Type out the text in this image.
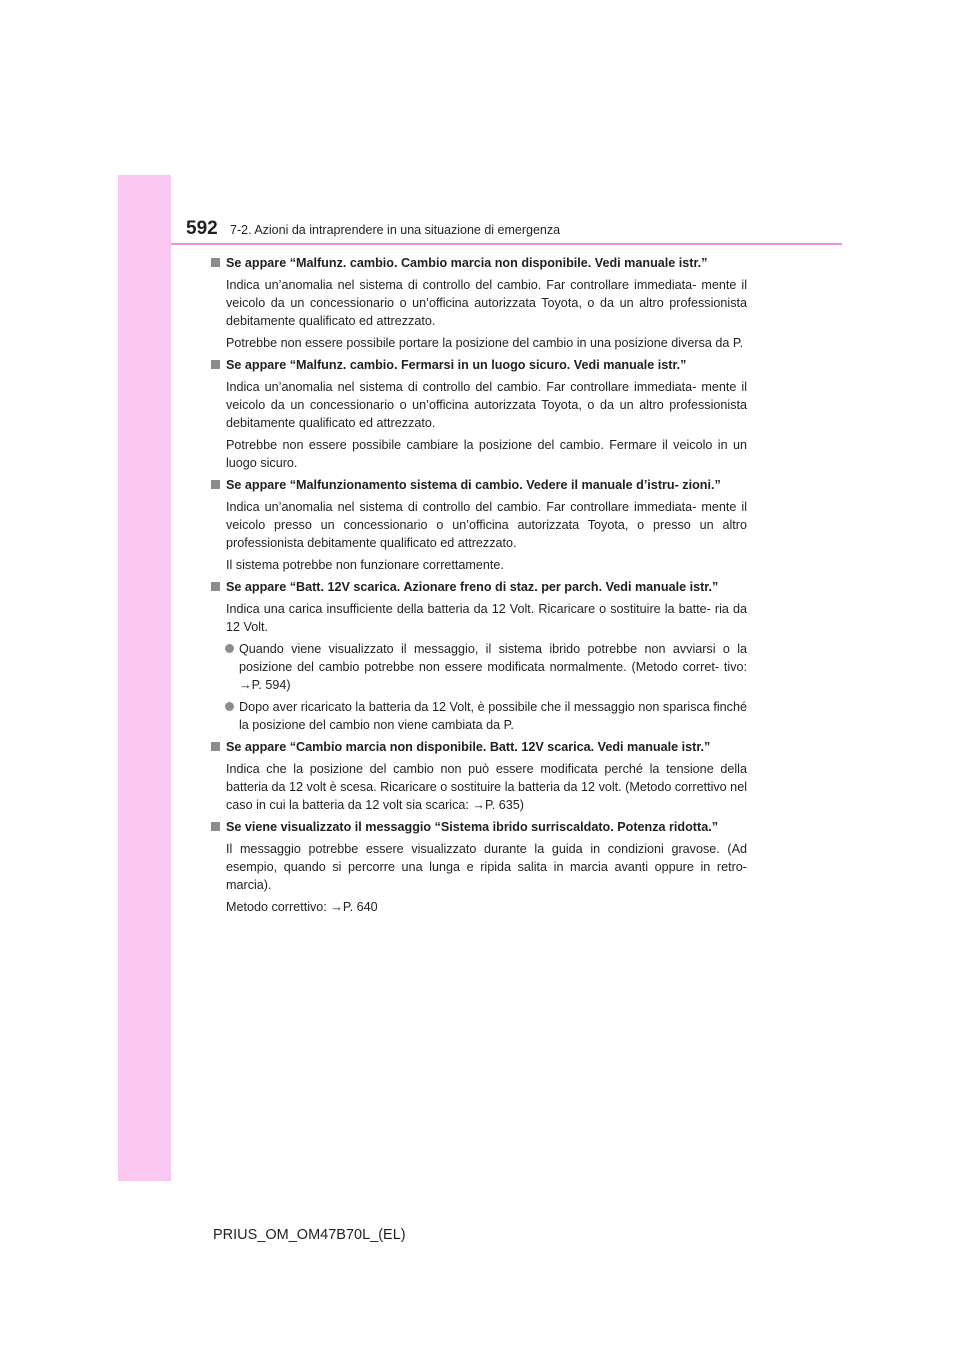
592 7-2. Azioni da intraprendere in una situazione di emergenza
Se appare “Malfunz. cambio. Cambio marcia non disponibile. Vedi manuale istr.”
Indica un’anomalia nel sistema di controllo del cambio. Far controllare immediata- mente il veicolo da un concessionario o un’officina autorizzata Toyota, o da un altro professionista debitamente qualificato ed attrezzato.
Potrebbe non essere possibile portare la posizione del cambio in una posizione diversa da P.
Se appare “Malfunz. cambio. Fermarsi in un luogo sicuro. Vedi manuale istr.”
Indica un’anomalia nel sistema di controllo del cambio. Far controllare immediata- mente il veicolo da un concessionario o un’officina autorizzata Toyota, o da un altro professionista debitamente qualificato ed attrezzato.
Potrebbe non essere possibile cambiare la posizione del cambio. Fermare il veicolo in un luogo sicuro.
Se appare “Malfunzionamento sistema di cambio. Vedere il manuale d’istru- zioni.”
Indica un’anomalia nel sistema di controllo del cambio. Far controllare immediata- mente il veicolo presso un concessionario o un’officina autorizzata Toyota, o presso un altro professionista debitamente qualificato ed attrezzato.
Il sistema potrebbe non funzionare correttamente.
Se appare “Batt. 12V scarica. Azionare freno di staz. per parch. Vedi manuale istr.”
Indica una carica insufficiente della batteria da 12 Volt. Ricaricare o sostituire la batte- ria da 12 Volt.
Quando viene visualizzato il messaggio, il sistema ibrido potrebbe non avviarsi o la posizione del cambio potrebbe non essere modificata normalmente. (Metodo corret- tivo: →P. 594)
Dopo aver ricaricato la batteria da 12 Volt, è possibile che il messaggio non sparisca finché la posizione del cambio non viene cambiata da P.
Se appare “Cambio marcia non disponibile. Batt. 12V scarica. Vedi manuale istr.”
Indica che la posizione del cambio non può essere modificata perché la tensione della batteria da 12 volt è scesa. Ricaricare o sostituire la batteria da 12 volt. (Metodo correttivo nel caso in cui la batteria da 12 volt sia scarica: →P. 635)
Se viene visualizzato il messaggio “Sistema ibrido surriscaldato. Potenza ridotta.”
Il messaggio potrebbe essere visualizzato durante la guida in condizioni gravose. (Ad esempio, quando si percorre una lunga e ripida salita in marcia avanti oppure in retro- marcia).
Metodo correttivo: →P. 640
PRIUS_OM_OM47B70L_(EL)
